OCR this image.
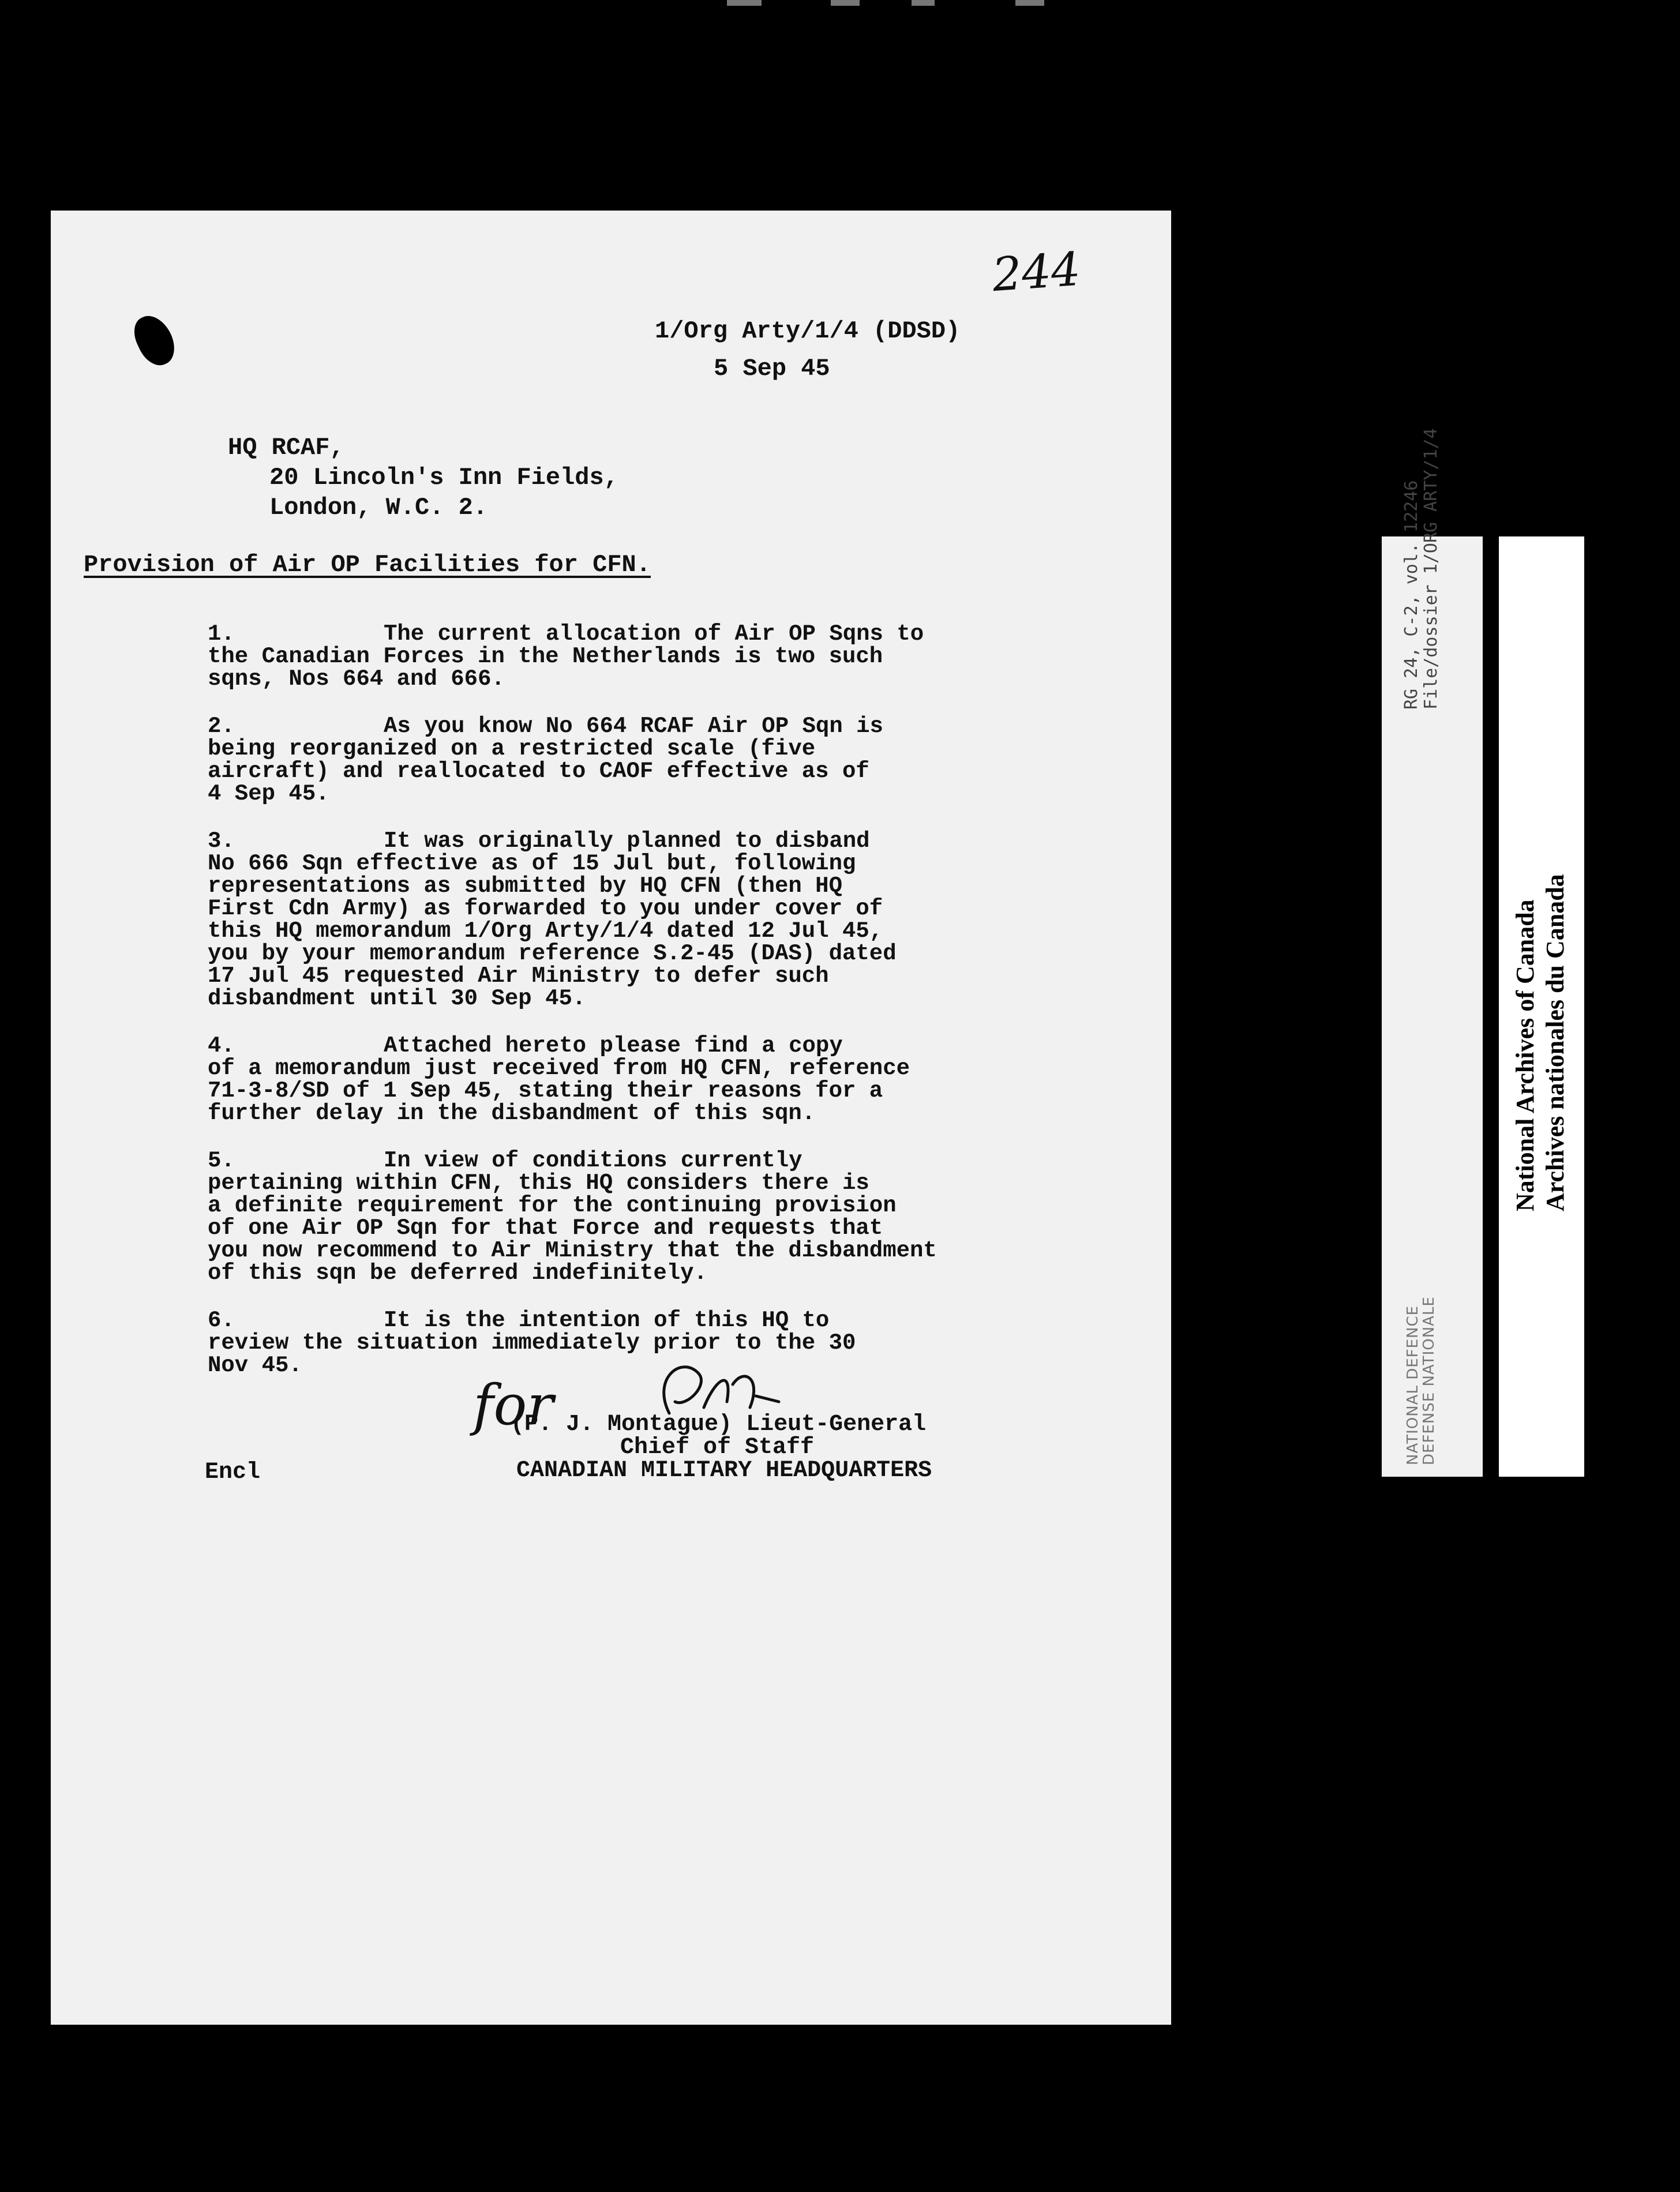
244
1/Org Arty/1/4 (DDSD)
5 Sep 45
HQ RCAF,
20 Lincoln's Inn Fields,
London, W.C. 2.
Provision of Air OP Facilities for CFN.
1.	The current allocation of Air OP Sqns to
the Canadian Forces in the Netherlands is two such
sqns, Nos 664 and 666.
2.	As you know No 664 RCAF Air OP Sqn is
being reorganized on a restricted scale (five
aircraft) and reallocated to CAOF effective as of
4 Sep 45.
3.	It was originally planned to disband
No 666 Sqn effective as of 15 Jul but, following
representations as submitted by HQ CFN (then HQ
First Cdn Army) as forwarded to you under cover of
this HQ memorandum 1/Org Arty/1/4 dated 12 Jul 45,
you by your memorandum reference S.2-45 (DAS) dated
17 Jul 45 requested Air Ministry to defer such
disbandment until 30 Sep 45.
4.	Attached hereto please find a copy
of a memorandum just received from HQ CFN, reference
71-3-8/SD of 1 Sep 45, stating their reasons for a
further delay in the disbandment of this sqn.
5.	In view of conditions currently
pertaining within CFN, this HQ considers there is
a definite requirement for the continuing provision
of one Air OP Sqn for that Force and requests that
you now recommend to Air Ministry that the disbandment
of this sqn be deferred indefinitely.
6.	It is the intention of this HQ to
review the situation immediately prior to the 30
Nov 45.
for
(P. J. Montague) Lieut-General
Chief of Staff
CANADIAN MILITARY HEADQUARTERS
Encl
RG 24, C-2, vol. 12246 File/dossier 1/ORG ARTY/1/4
NATIONAL DEFENCE
DEFENSE NATIONALE
National Archives of Canada Archives nationales du Canada
